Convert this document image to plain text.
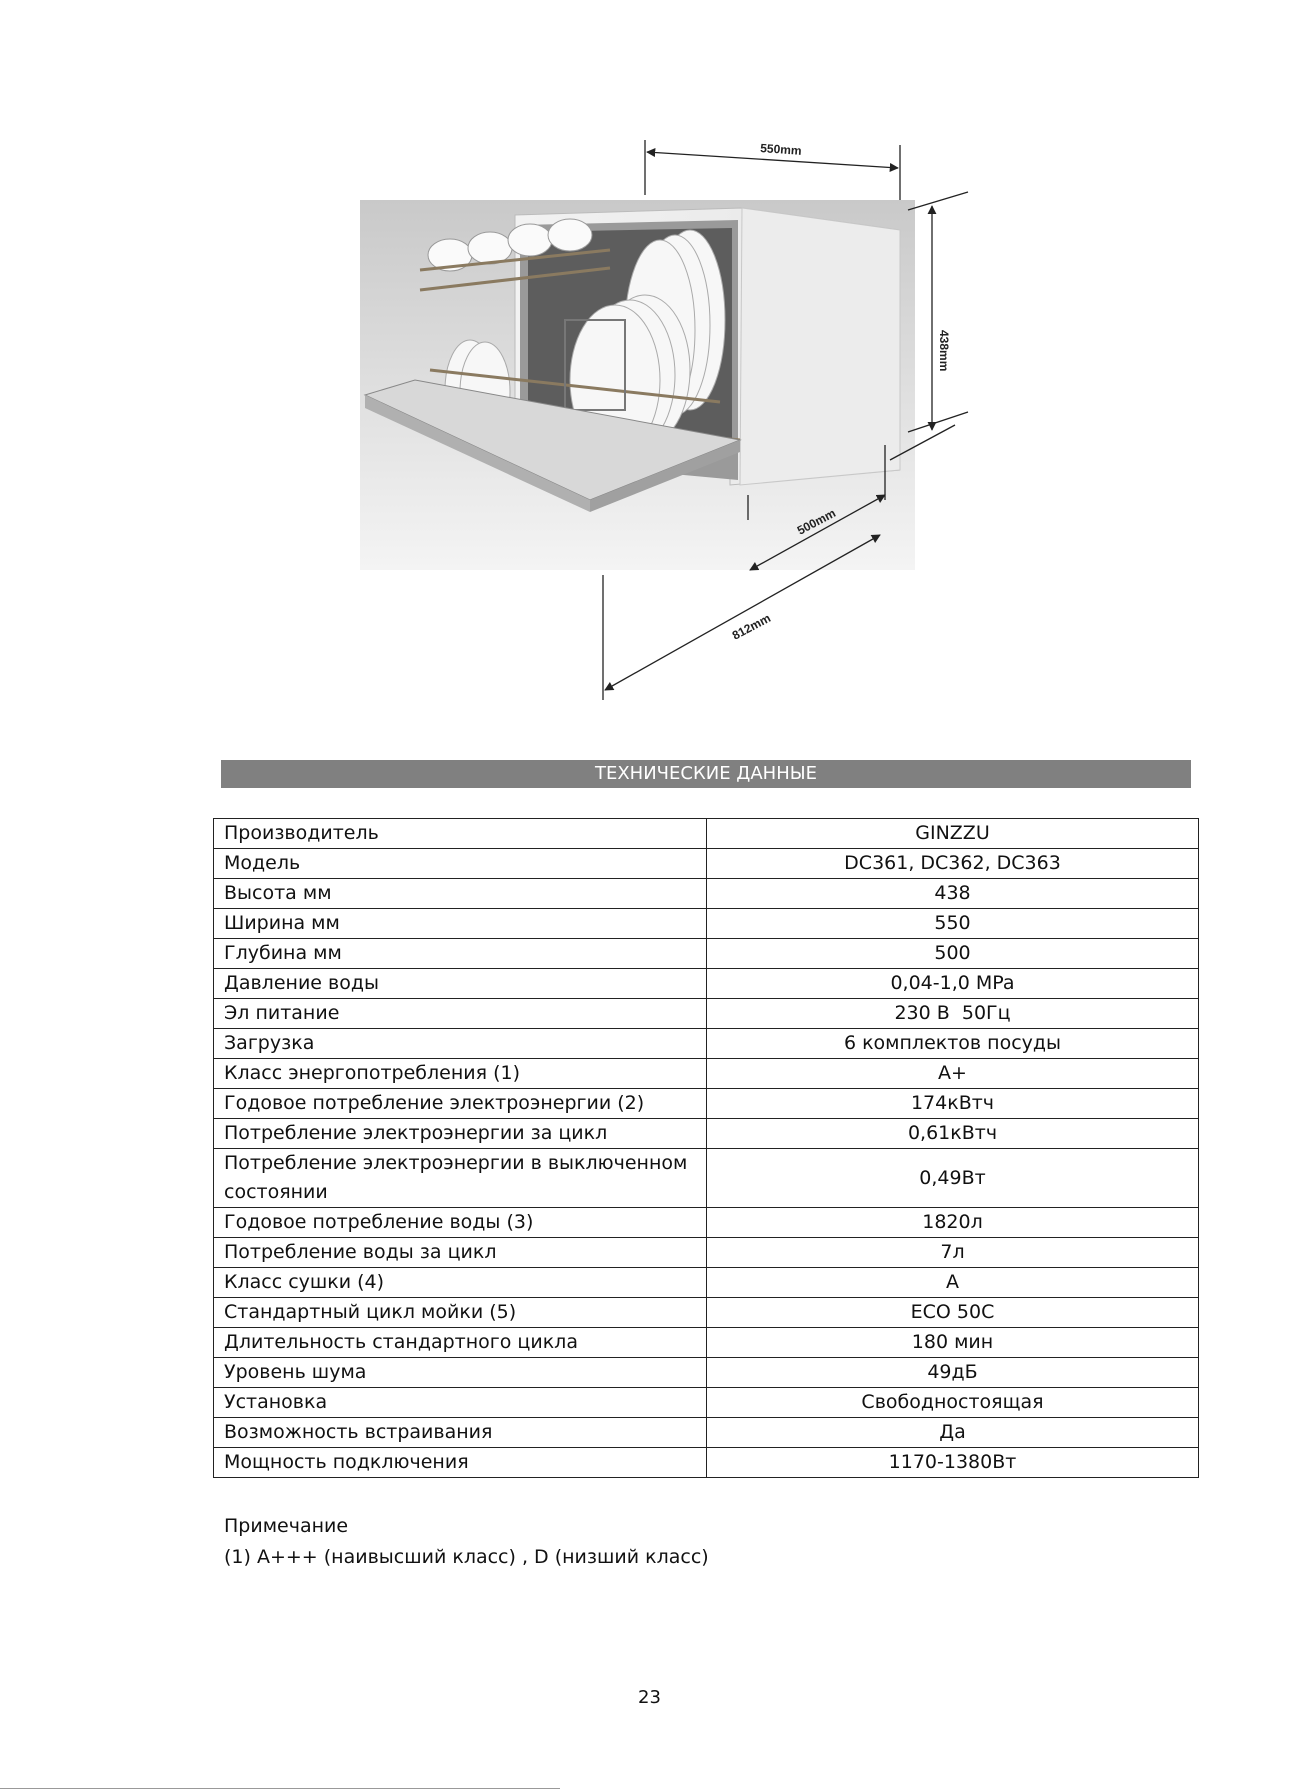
550mm
438mm
500mm
812mm
ТЕХНИЧЕСКИЕ ДАННЫЕ
Производитель	GINZZU
Модель	DC361, DC362, DC363
Высота мм	438
Ширина мм	550
Глубина мм	500
Давление воды	0,04-1,0 MPa
Эл питание	230 В  50Гц
Загрузка	6 комплектов посуды
Класс энергопотребления (1)	А+
Годовое потребление электроэнергии (2)	174кВтч
Потребление электроэнергии за цикл	0,61кВтч
Потребление электроэнергии в выключенном состоянии	0,49Вт
Годовое потребление воды (3)	1820л
Потребление воды за цикл	7л
Класс сушки (4)	А
Стандартный цикл мойки (5)	ЕСО 50С
Длительность стандартного цикла	180 мин
Уровень шума	49дБ
Установка	Свободностоящая
Возможность встраивания	Да
Мощность подключения	1170-1380Вт
Примечание
(1) А+++ (наивысший класс) , D (низший класс)
23
